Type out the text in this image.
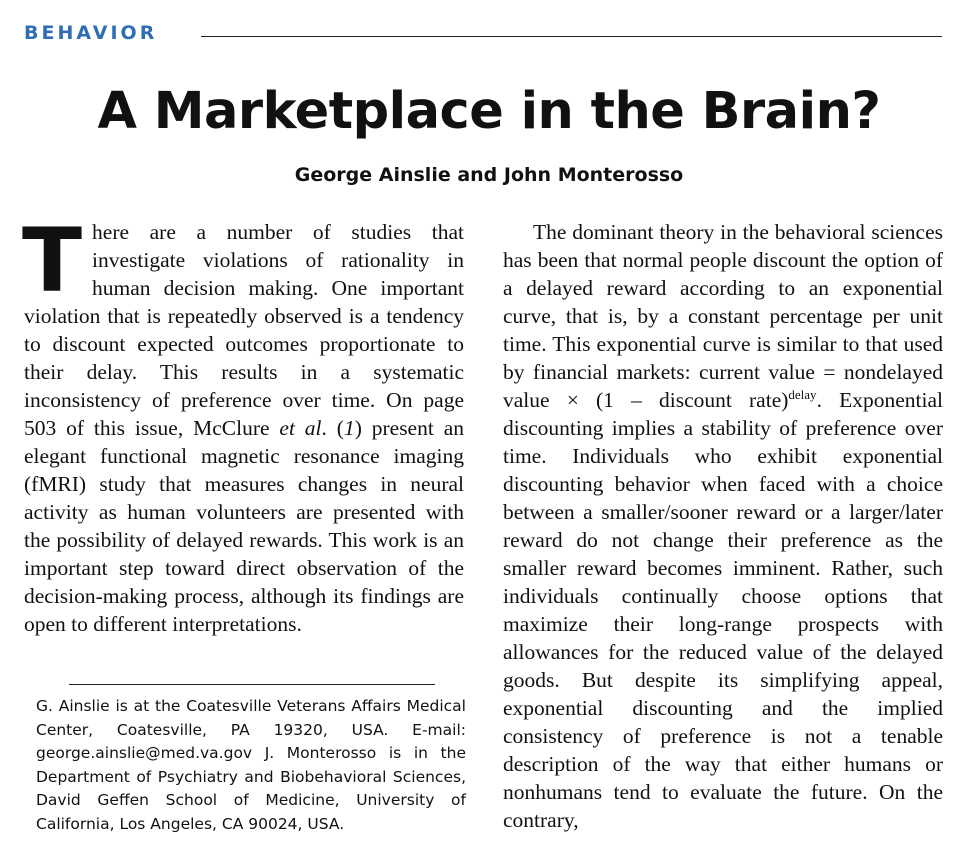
BEHAVIOR
A Marketplace in the Brain?
George Ainslie and John Monterosso

There are a number of studies that investigate violations of rationality in human decision making. One important violation that is repeatedly observed is a tendency to discount expected outcomes proportionate to their delay. This results in a systematic inconsistency of preference over time. On page 503 of this issue, McClure et al. (1) present an elegant functional magnetic resonance imaging (fMRI) study that measures changes in neural activity as human volunteers are presented with the possibility of delayed rewards. This work is an important step toward direct observation of the decision-making process, although its findings are open to different interpretations.

The dominant theory in the behavioral sciences has been that normal people discount the option of a delayed reward according to an exponential curve, that is, by a constant percentage per unit time. This exponential curve is similar to that used by financial markets: current value = nondelayed value × (1 – discount rate)$^{delay}$. Exponential discounting implies a stability of preference over time. Individuals who exhibit exponential discounting behavior when faced with a choice between a smaller/sooner reward or a larger/later reward do not change their preference as the smaller reward becomes imminent. Rather, such individuals continually choose options that maximize their long-range prospects with allowances for the reduced value of the delayed goods. But despite its simplifying appeal, exponential discounting and the implied consistency of preference is not a tenable description of the way that either humans or nonhumans tend to evaluate the future. On the contrary,

G. Ainslie is at the Coatesville Veterans Affairs Medical Center, Coatesville, PA 19320, USA. E-mail: george.ainslie@med.va.gov J. Monterosso is in the Department of Psychiatry and Biobehavioral Sciences, David Geffen School of Medicine, University of California, Los Angeles, CA 90024, USA.
